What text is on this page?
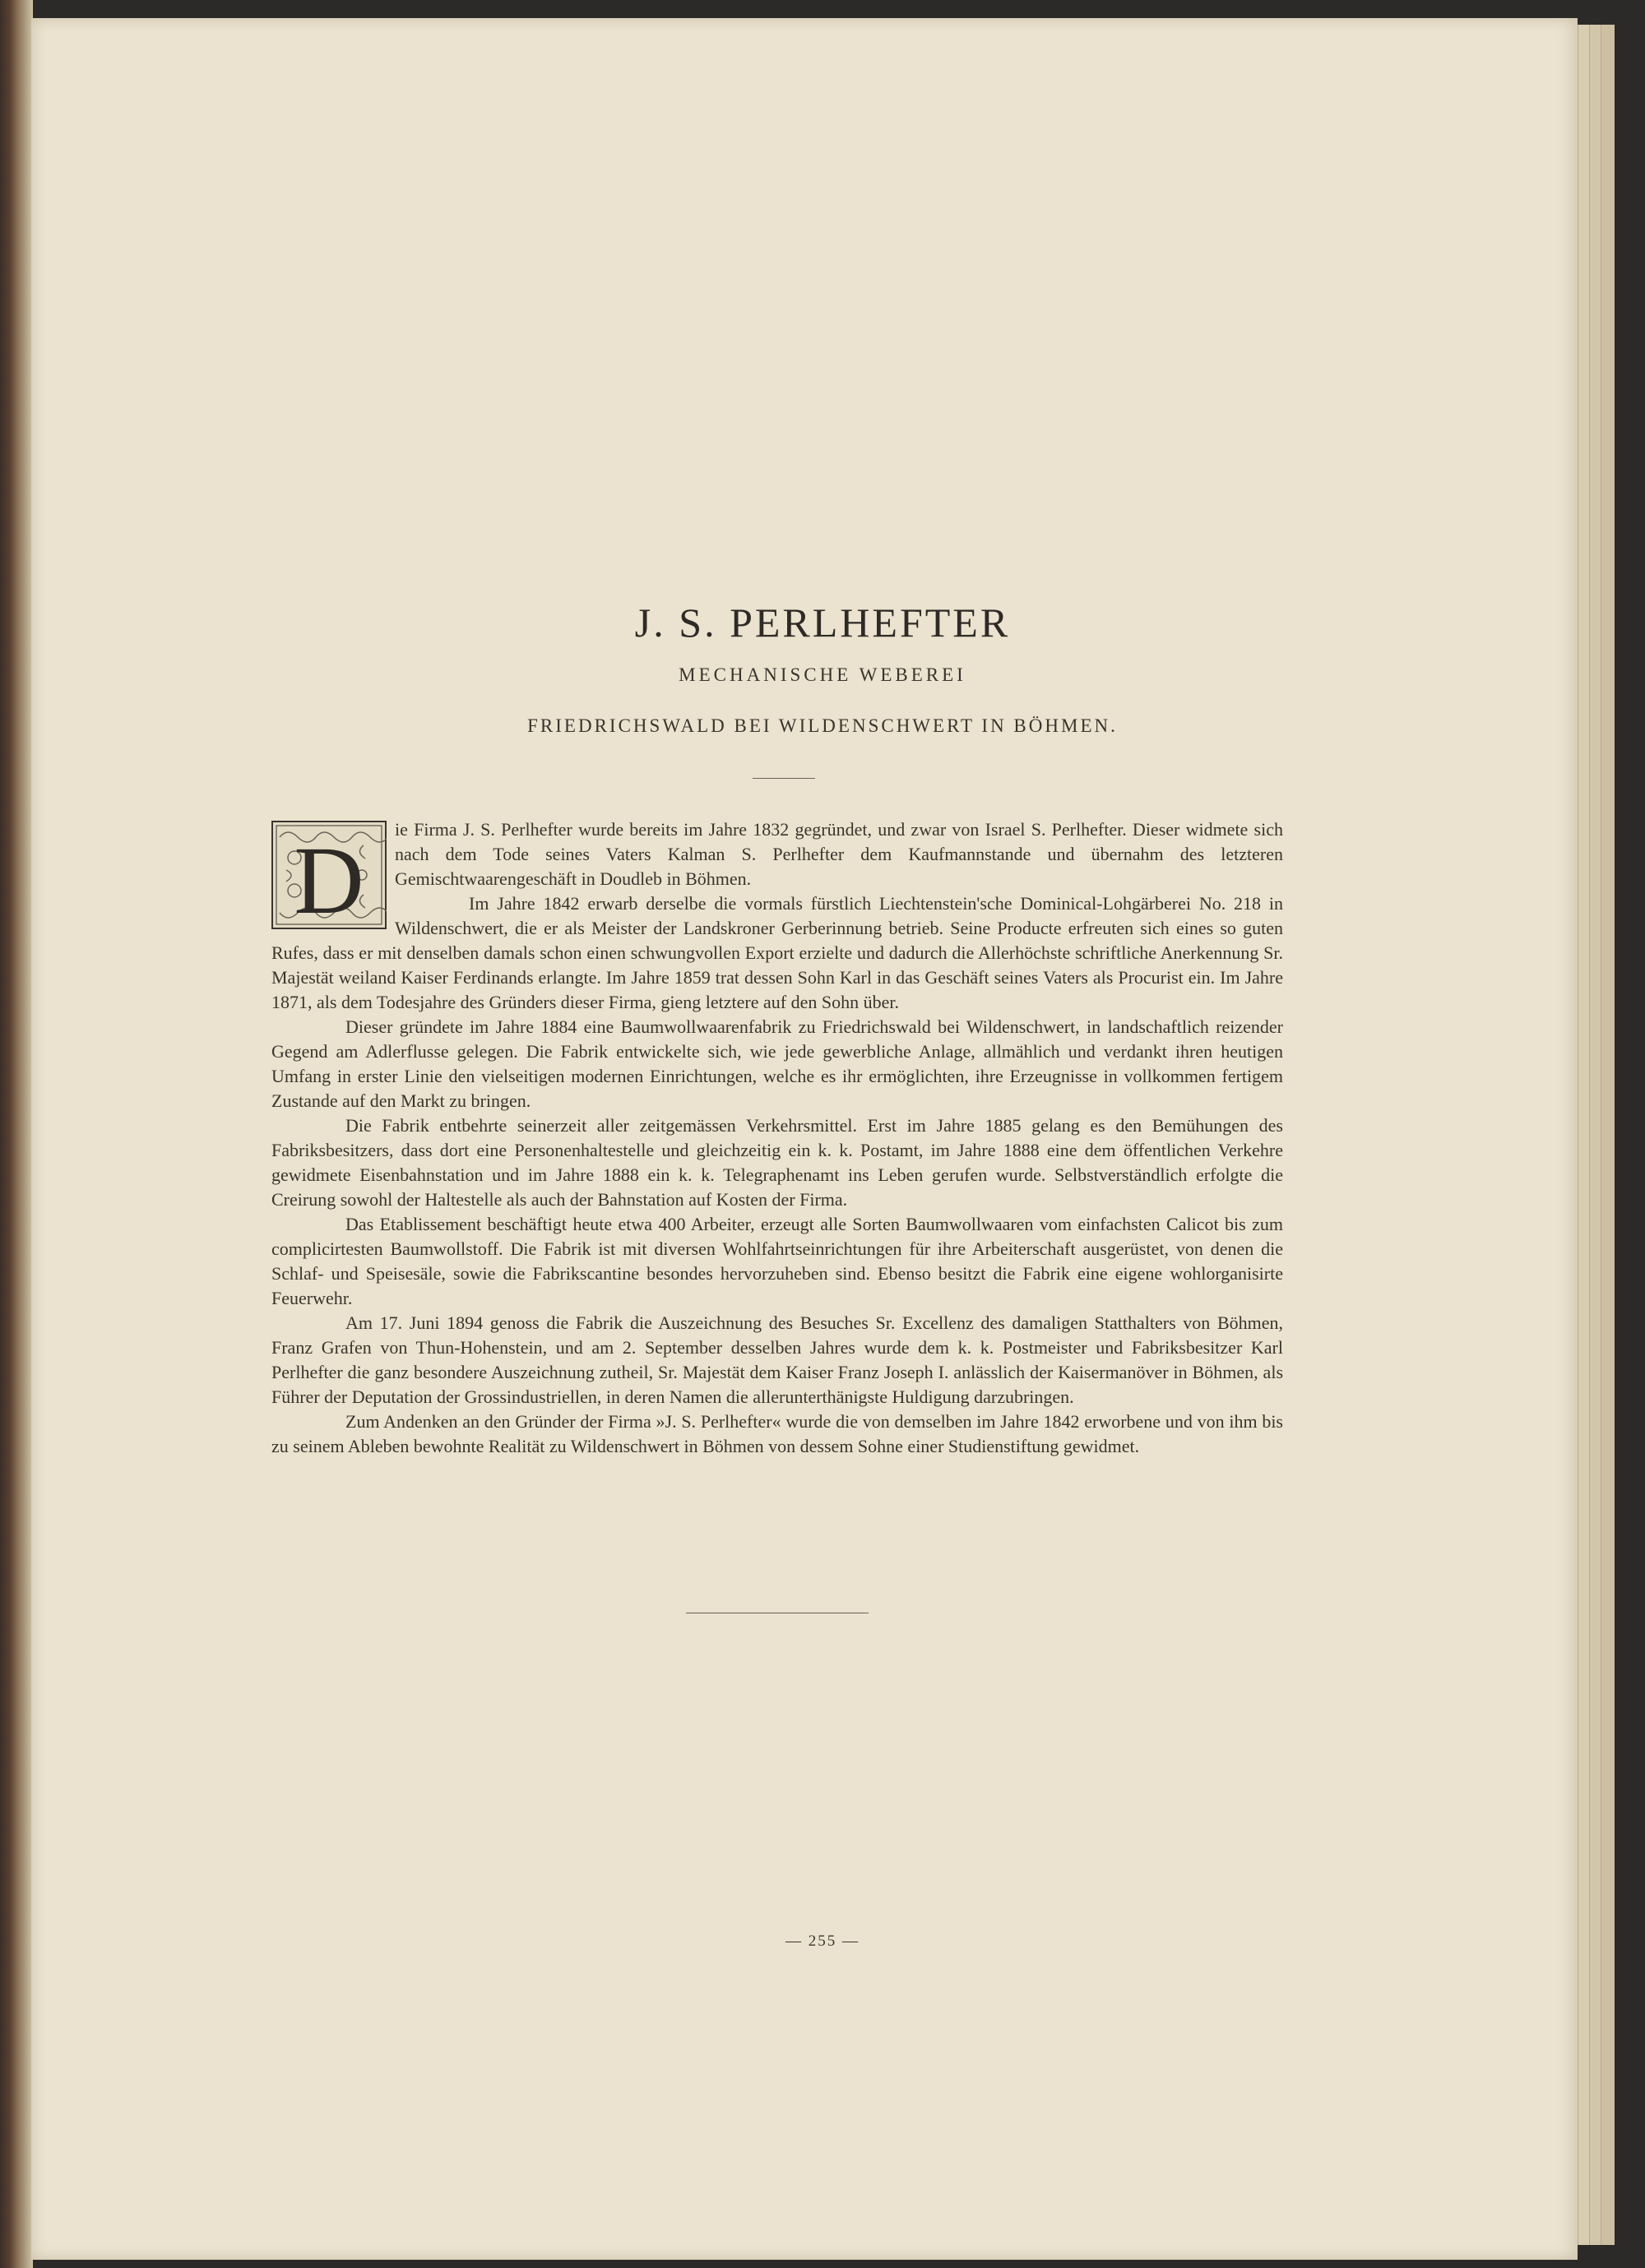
J. S. PERLHEFTER
MECHANISCHE WEBEREI
FRIEDRICHSWALD BEI WILDENSCHWERT IN BÖHMEN.
D	ie Firma J. S. Perlhefter wurde bereits im Jahre 1832 gegründet, und zwar von Israel S. Perlhefter. Dieser widmete sich nach dem Tode seines Vaters Kalman S. Perlhefter dem Kaufmannstande und übernahm des letzteren Gemischtwaarengeschäft in Doudleb in Böhmen.

Im Jahre 1842 erwarb derselbe die vormals fürstlich Liechtenstein'sche Dominical-Lohgärberei No. 218 in Wildenschwert, die er als Meister der Landskroner Gerberinnung betrieb. Seine Producte erfreuten sich eines so guten Rufes, dass er mit denselben damals schon einen schwungvollen Export erzielte und dadurch die Allerhöchste schriftliche Anerkennung Sr. Majestät weiland Kaiser Ferdinands erlangte. Im Jahre 1859 trat dessen Sohn Karl in das Geschäft seines Vaters als Procurist ein. Im Jahre 1871, als dem Todesjahre des Gründers dieser Firma, gieng letztere auf den Sohn über.

Dieser gründete im Jahre 1884 eine Baumwollwaarenfabrik zu Friedrichswald bei Wildenschwert, in landschaftlich reizender Gegend am Adlerflusse gelegen. Die Fabrik entwickelte sich, wie jede gewerbliche Anlage, allmählich und verdankt ihren heutigen Umfang in erster Linie den vielseitigen modernen Einrichtungen, welche es ihr ermöglichten, ihre Erzeugnisse in vollkommen fertigem Zustande auf den Markt zu bringen.

Die Fabrik entbehrte seinerzeit aller zeitgemässen Verkehrsmittel. Erst im Jahre 1885 gelang es den Bemühungen des Fabriksbesitzers, dass dort eine Personenhaltestelle und gleichzeitig ein k. k. Postamt, im Jahre 1888 eine dem öffentlichen Verkehre gewidmete Eisenbahnstation und im Jahre 1888 ein k. k. Telegraphenamt ins Leben gerufen wurde. Selbstverständlich erfolgte die Creirung sowohl der Haltestelle als auch der Bahnstation auf Kosten der Firma.

Das Etablissement beschäftigt heute etwa 400 Arbeiter, erzeugt alle Sorten Baumwollwaaren vom einfachsten Calicot bis zum complicirtesten Baumwollstoff. Die Fabrik ist mit diversen Wohlfahrtseinrichtungen für ihre Arbeiterschaft ausgerüstet, von denen die Schlaf- und Speisesäle, sowie die Fabrikscantine besondes hervorzuheben sind. Ebenso besitzt die Fabrik eine eigene wohlorganisirte Feuerwehr.

Am 17. Juni 1894 genoss die Fabrik die Auszeichnung des Besuches Sr. Excellenz des damaligen Statthalters von Böhmen, Franz Grafen von Thun-Hohenstein, und am 2. September desselben Jahres wurde dem k. k. Postmeister und Fabriksbesitzer Karl Perlhefter die ganz besondere Auszeichnung zutheil, Sr. Majestät dem Kaiser Franz Joseph I. anlässlich der Kaisermanöver in Böhmen, als Führer der Deputation der Grossindustriellen, in deren Namen die allerunterthänigste Huldigung darzubringen.

Zum Andenken an den Gründer der Firma »J. S. Perlhefter« wurde die von demselben im Jahre 1842 erworbene und von ihm bis zu seinem Ableben bewohnte Realität zu Wildenschwert in Böhmen von dessem Sohne einer Studienstiftung gewidmet.

— 255 —
